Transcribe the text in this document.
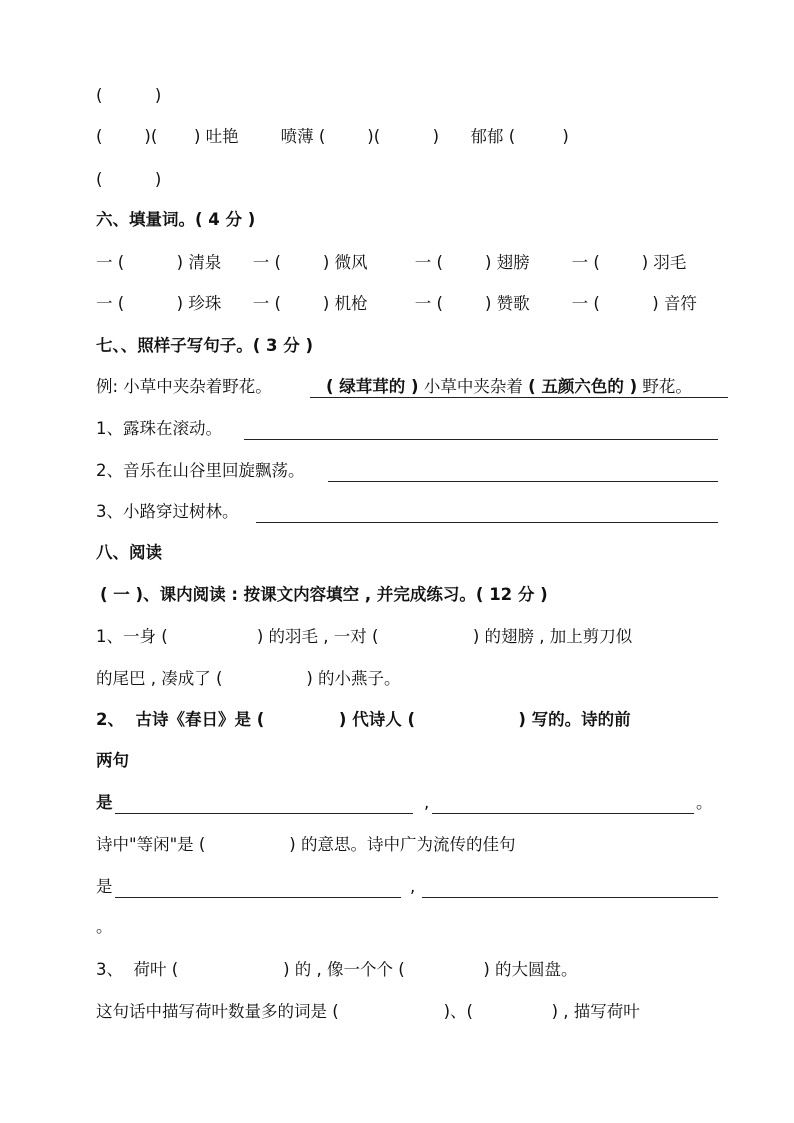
(          )
(        )(       ) 吐艳        喷薄 (        )(          )      郁郁 (         )
(          )
六、填量词。( 4 分 )
一 (          ) 清泉      一 (        ) 微风         一 (        ) 翅膀        一 (        ) 羽毛
一 (          ) 珍珠      一 (        ) 机枪         一 (        ) 赞歌        一 (          ) 音符
七、、照样子写句子。( 3 分 )
例: 小草中夹杂着野花。	( 绿茸茸的 ) 小草中夹杂着 ( 五颜六色的 ) 野花。
1、露珠在滚动。
2、音乐在山谷里回旋飘荡。
3、小路穿过树林。
八、阅读
( 一 )、课内阅读 : 按课文内容填空 , 并完成练习。( 12 分 )
1、一身 (                 ) 的羽毛 , 一对 (                  ) 的翅膀 , 加上剪刀似
的尾巴 , 凑成了 (                ) 的小燕子。
2、  古诗《春日》是 (             ) 代诗人 (                  ) 写的。诗的前
两句
是	,	。
诗中"等闲"是 (                ) 的意思。诗中广为流传的佳句
是	,
。
3、  荷叶 (                    ) 的 , 像一个个 (               ) 的大圆盘。
这句话中描写荷叶数量多的词是 (                    )、(               ) , 描写荷叶
